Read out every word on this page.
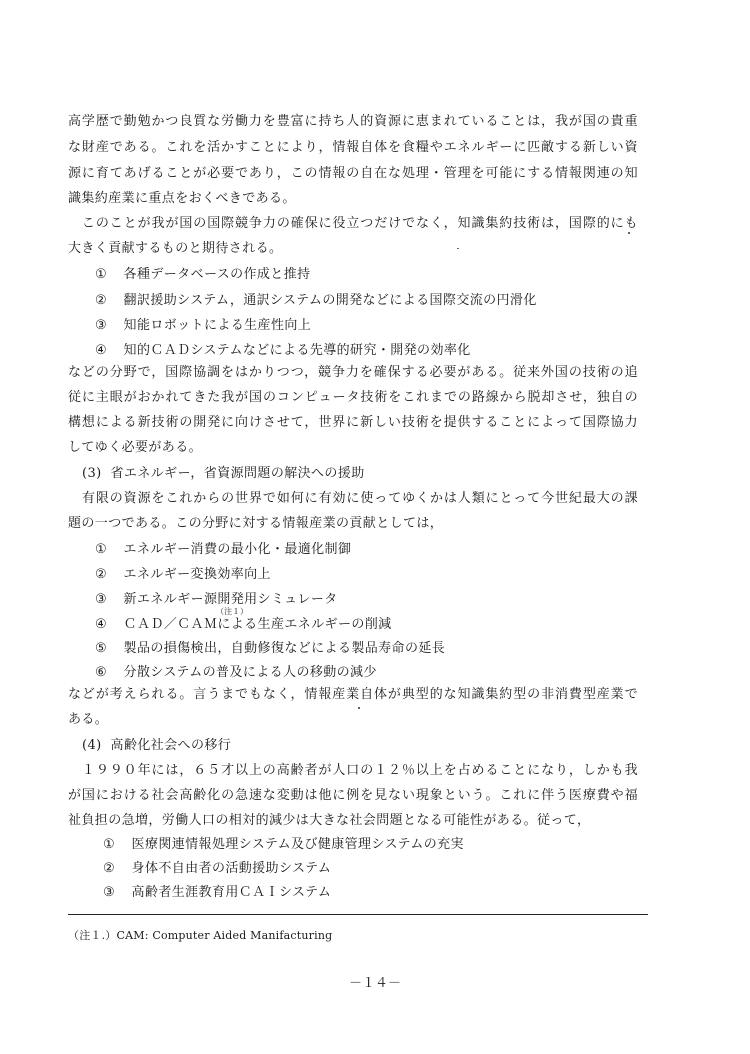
高学歴で勤勉かつ良質な労働力を豊富に持ち人的資源に恵まれていることは，我が国の貴重
な財産である。これを活かすことにより，情報自体を食糧やエネルギーに匹敵する新しい資
源に育てあげることが必要であり，この情報の自在な処理・管理を可能にする情報関連の知
識集約産業に重点をおくべきである。
　このことが我が国の国際競争力の確保に役立つだけでなく，知識集約技術は，国際的にも
大きく貢献するものと期待される。
① 各種データベースの作成と推持
② 翻訳援助システム，通訳システムの開発などによる国際交流の円滑化
③ 知能ロボットによる生産性向上
④ 知的ＣＡＤシステムなどによる先導的研究・開発の効率化
などの分野で，国際協調をはかりつつ，競争力を確保する必要がある。従来外国の技術の追
従に主眼がおかれてきた我が国のコンピュータ技術をこれまでの路線から脱却させ，独自の
構想による新技術の開発に向けさせて，世界に新しい技術を提供することによって国際協力
してゆく必要がある。
(3) 省エネルギー，省資源問題の解決への援助
　有限の資源をこれからの世界で如何に有効に使ってゆくかは人類にとって今世紀最大の課
題の一つである。この分野に対する情報産業の貢献としては，
① エネルギー消費の最小化・最適化制御
② エネルギー変換効率向上
③ 新エネルギー源開発用シミュレータ
（注１）
④ ＣＡＤ／ＣＡＭによる生産エネルギーの削減
⑤ 製品の損傷検出，自動修復などによる製品寿命の延長
⑥ 分散システムの普及による人の移動の減少
などが考えられる。言うまでもなく，情報産業自体が典型的な知識集約型の非消費型産業で
ある。
(4) 高齢化社会への移行
　１９９０年には，６５才以上の高齢者が人口の１２％以上を占めることになり，しかも我
が国における社会高齢化の急速な変動は他に例を見ない現象という。これに伴う医療費や福
祉負担の急増，労働人口の相対的減少は大きな社会問題となる可能性がある。従って，
① 医療関連情報処理システム及び健康管理システムの充実
② 身体不自由者の活動援助システム
③ 高齢者生涯教育用ＣＡＩシステム
（注１.）CAM: Computer Aided Manifacturing
－１４－
